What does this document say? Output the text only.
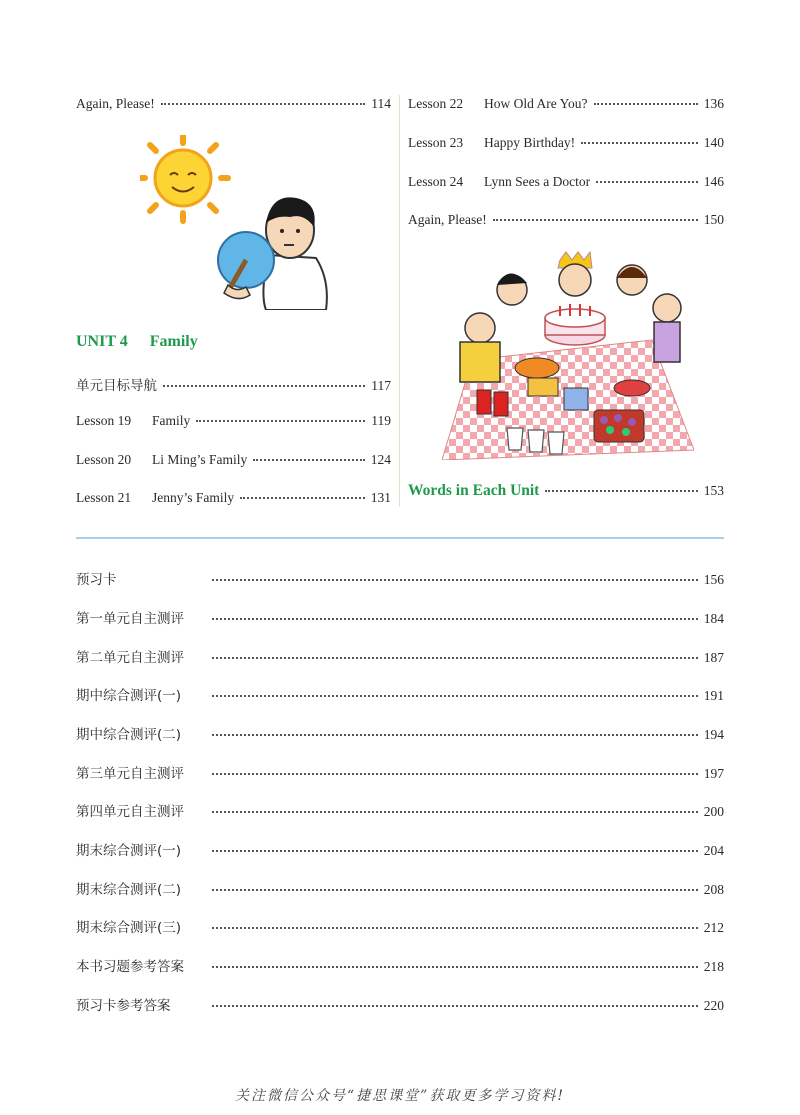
Again, Please!	114
?
UNIT 4 Family
单元目标导航	117
Lesson 19	Family	119
Lesson 20	Li Ming’s Family	124
Lesson 21	Jenny’s Family	131
Lesson 22	How Old Are You?	136
Lesson 23	Happy Birthday!	140
Lesson 24	Lynn Sees a Doctor	146
Again, Please!	150
Words in Each Unit	153
预习卡	156
第一单元自主测评	184
第二单元自主测评	187
期中综合测评(一)	191
期中综合测评(二)	194
第三单元自主测评	197
第四单元自主测评	200
期末综合测评(一)	204
期末综合测评(二)	208
期末综合测评(三)	212
本书习题参考答案	218
预习卡参考答案	220
关注微信公众号“捷思课堂”获取更多学习资料!
